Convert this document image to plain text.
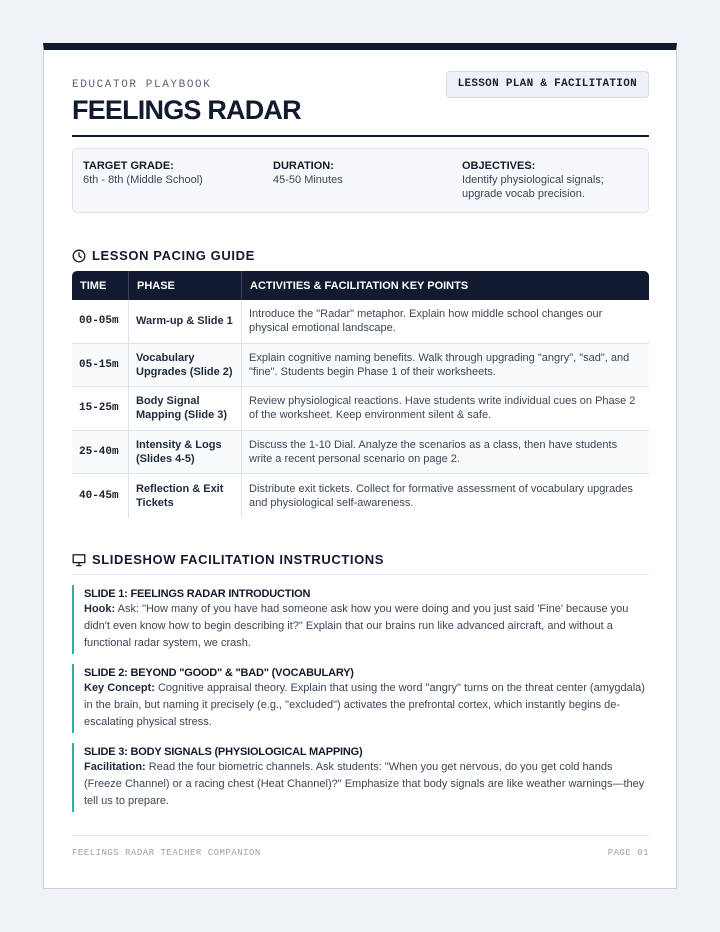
EDUCATOR PLAYBOOK	LESSON PLAN & FACILITATION
FEELINGS RADAR
TARGET GRADE:
6th - 8th (Middle School)
DURATION:
45-50 Minutes
OBJECTIVES:
Identify physiological signals; upgrade vocab precision.
LESSON PACING GUIDE
TIME	PHASE	ACTIVITIES & FACILITATION KEY POINTS
00-05m	Warm-up & Slide 1	Introduce the "Radar" metaphor. Explain how middle school changes our physical emotional landscape.
05-15m	Vocabulary Upgrades (Slide 2)	Explain cognitive naming benefits. Walk through upgrading "angry", "sad", and "fine". Students begin Phase 1 of their worksheets.
15-25m	Body Signal Mapping (Slide 3)	Review physiological reactions. Have students write individual cues on Phase 2 of the worksheet. Keep environment silent & safe.
25-40m	Intensity & Logs (Slides 4-5)	Discuss the 1-10 Dial. Analyze the scenarios as a class, then have students write a recent personal scenario on page 2.
40-45m	Reflection & Exit Tickets	Distribute exit tickets. Collect for formative assessment of vocabulary upgrades and physiological self-awareness.
SLIDESHOW FACILITATION INSTRUCTIONS
SLIDE 1: FEELINGS RADAR INTRODUCTION
Hook: Ask: "How many of you have had someone ask how you were doing and you just said 'Fine' because you didn't even know how to begin describing it?" Explain that our brains run like advanced aircraft, and without a functional radar system, we crash.
SLIDE 2: BEYOND "GOOD" & "BAD" (VOCABULARY)
Key Concept: Cognitive appraisal theory. Explain that using the word "angry" turns on the threat center (amygdala) in the brain, but naming it precisely (e.g., "excluded") activates the prefrontal cortex, which instantly begins de-escalating physical stress.
SLIDE 3: BODY SIGNALS (PHYSIOLOGICAL MAPPING)
Facilitation: Read the four biometric channels. Ask students: "When you get nervous, do you get cold hands (Freeze Channel) or a racing chest (Heat Channel)?" Emphasize that body signals are like weather warnings—they tell us to prepare.
FEELINGS RADAR TEACHER COMPANION	PAGE 01
